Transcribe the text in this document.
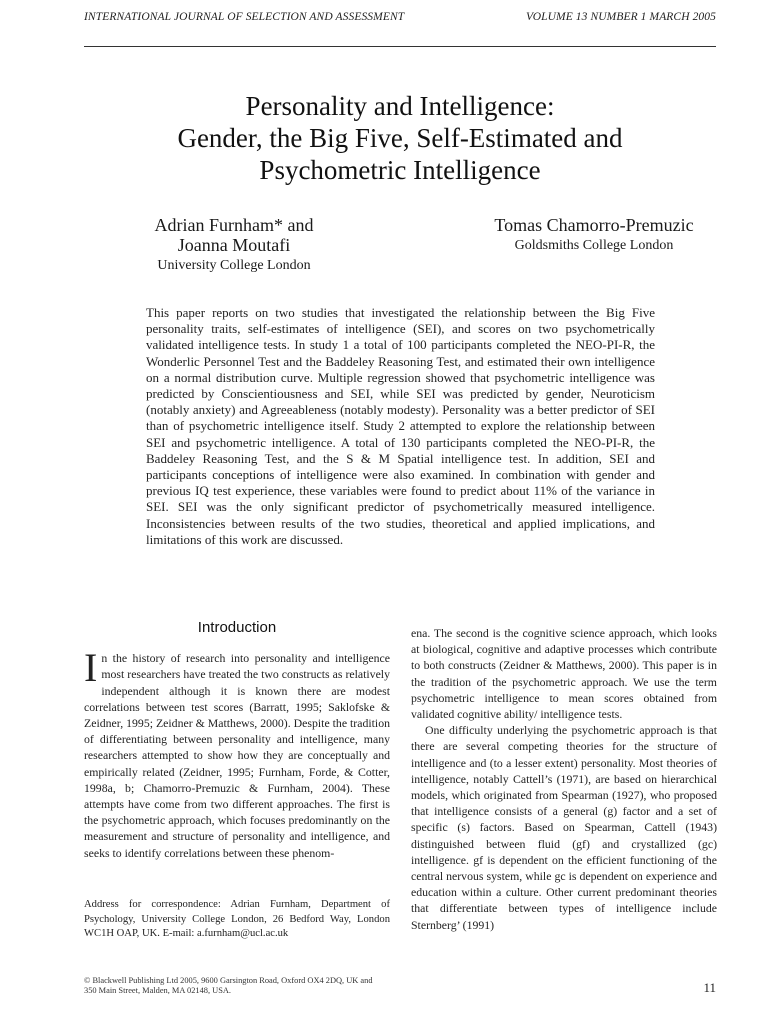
INTERNATIONAL JOURNAL OF SELECTION AND ASSESSMENT	VOLUME 13 NUMBER 1 MARCH 2005
Personality and Intelligence:
Gender, the Big Five, Self-Estimated and
Psychometric Intelligence
Adrian Furnham* and
Joanna Moutafi
University College London
Tomas Chamorro-Premuzic
Goldsmiths College London
This paper reports on two studies that investigated the relationship between the Big Five personality traits, self-estimates of intelligence (SEI), and scores on two psychometrically validated intelligence tests. In study 1 a total of 100 participants completed the NEO-PI-R, the Wonderlic Personnel Test and the Baddeley Reasoning Test, and estimated their own intelligence on a normal distribution curve. Multiple regression showed that psychometric intelligence was predicted by Conscientiousness and SEI, while SEI was predicted by gender, Neuroticism (notably anxiety) and Agreeableness (notably modesty). Personality was a better predictor of SEI than of psychometric intelligence itself. Study 2 attempted to explore the relationship between SEI and psychometric intelligence. A total of 130 participants completed the NEO-PI-R, the Baddeley Reasoning Test, and the S & M Spatial intelligence test. In addition, SEI and participants conceptions of intelligence were also examined. In combination with gender and previous IQ test experience, these variables were found to predict about 11% of the variance in SEI. SEI was the only significant predictor of psychometrically measured intelligence. Inconsistencies between results of the two studies, theoretical and applied implications, and limitations of this work are discussed.
Introduction

In the history of research into personality and intelligence most researchers have treated the two constructs as relatively independent although it is known there are modest correlations between test scores (Barratt, 1995; Saklofske & Zeidner, 1995; Zeidner & Matthews, 2000). Despite the tradition of differentiating between personality and intelligence, many researchers attempted to show how they are conceptually and empirically related (Zeidner, 1995; Furnham, Forde, & Cotter, 1998a, b; Chamorro-Premuzic & Furnham, 2004). These attempts have come from two different approaches. The first is the psychometric approach, which focuses predominantly on the measurement and structure of personality and intelligence, and seeks to identify correlations between these phenom-

ena. The second is the cognitive science approach, which looks at biological, cognitive and adaptive processes which contribute to both constructs (Zeidner & Matthews, 2000). This paper is in the tradition of the psychometric approach. We use the term psychometric intelligence to mean scores obtained from validated cognitive ability/ intelligence tests.

One difficulty underlying the psychometric approach is that there are several competing theories for the structure of intelligence and (to a lesser extent) personality. Most theories of intelligence, notably Cattell’s (1971), are based on hierarchical models, which originated from Spearman (1927), who proposed that intelligence consists of a general (g) factor and a set of specific (s) factors. Based on Spearman, Cattell (1943) distinguished between fluid (gf) and crystallized (gc) intelligence. gf is dependent on the efficient functioning of the central nervous system, while gc is dependent on experience and education within a culture. Other current predominant theories that differentiate between types of intelligence include Sternberg’ (1991)

Address for correspondence: Adrian Furnham, Department of Psychology, University College London, 26 Bedford Way, London WC1H OAP, UK. E-mail: a.furnham@ucl.ac.uk
© Blackwell Publishing Ltd 2005, 9600 Garsington Road, Oxford OX4 2DQ, UK and
350 Main Street, Malden, MA 02148, USA.	11
